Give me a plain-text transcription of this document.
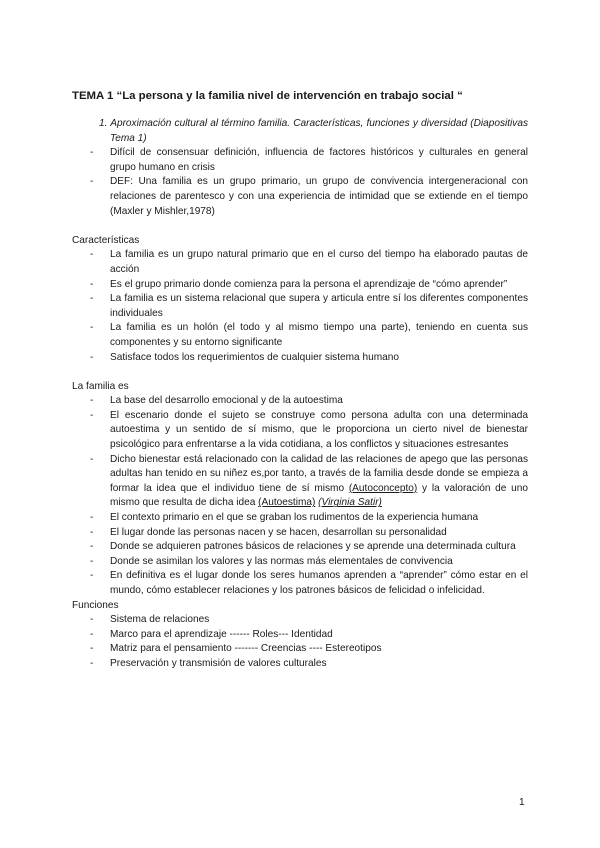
TEMA 1 “La persona y la familia nivel de intervención en trabajo social “
1. Aproximación cultural al término familia. Características, funciones y diversidad (Diapositivas Tema 1)
- Difícil de consensuar definición, influencia de factores históricos y culturales en general grupo humano en crisis
- DEF: Una familia es un grupo primario, un grupo de convivencia intergeneracional con relaciones de parentesco y con una experiencia de intimidad que se extiende en el tiempo (Maxler y Mishler,1978)
Características
- La familia es un grupo natural primario que en el curso del tiempo ha elaborado pautas de acción
- Es el grupo primario donde comienza para la persona el aprendizaje de “cómo aprender”
- La familia es un sistema relacional que supera y articula entre sí los diferentes componentes individuales
- La familia es un holón (el todo y al mismo tiempo una parte), teniendo en cuenta sus componentes y su entorno significante
- Satisface todos los requerimientos de cualquier sistema humano
La familia es
- La base del desarrollo emocional y de la autoestima
- El escenario donde el sujeto se construye como persona adulta con una determinada autoestima y un sentido de sí mismo, que le proporciona un cierto nivel de bienestar psicológico para enfrentarse a la vida cotidiana, a los conflictos y situaciones estresantes
- Dicho bienestar está relacionado con la calidad de las relaciones de apego que las personas adultas han tenido en su niñez es,por tanto, a través de la familia desde donde se empieza a formar la idea que el individuo tiene de sí mismo (Autoconcepto) y la valoración de uno mismo que resulta de dicha idea (Autoestima) (Virginia Satir)
- El contexto primario en el que se graban los rudimentos de la experiencia humana
- El lugar donde las personas nacen y se hacen, desarrollan su personalidad
- Donde se adquieren patrones básicos de relaciones y se aprende una determinada cultura
- Donde se asimilan los valores y las normas más elementales de convivencia
- En definitiva es el lugar donde los seres humanos aprenden a “aprender” cómo estar en el mundo, cómo establecer relaciones y los patrones básicos de felicidad o infelicidad.
Funciones
- Sistema de relaciones
- Marco para el aprendizaje ------ Roles--- Identidad
- Matriz para el pensamiento ------- Creencias ---- Estereotipos
- Preservación y transmisión de valores culturales
1
